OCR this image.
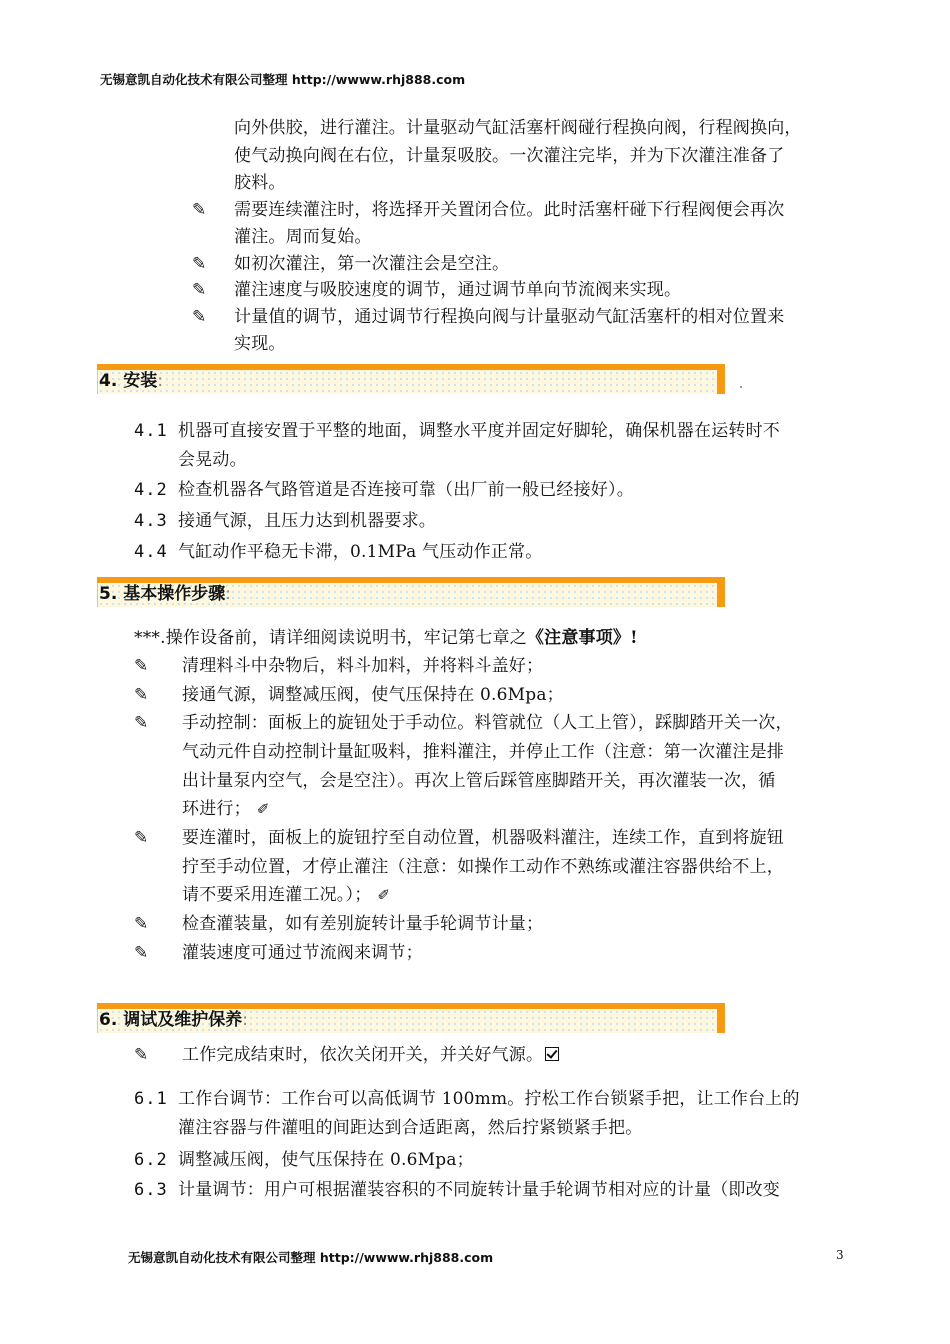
无锡意凯自动化技术有限公司整理 http://wwww.rhj888.com
向外供胶，进行灌注。计量驱动气缸活塞杆阀碰行程换向阀，行程阀换向，
使气动换向阀在右位，计量泵吸胶。一次灌注完毕，并为下次灌注准备了
胶料。
✎ 需要连续灌注时，将选择开关置闭合位。此时活塞杆碰下行程阀便会再次
灌注。周而复始。
✎ 如初次灌注，第一次灌注会是空注。
✎ 灌注速度与吸胶速度的调节，通过调节单向节流阀来实现。
✎ 计量值的调节，通过调节行程换向阀与计量驱动气缸活塞杆的相对位置来
实现。
4. 安装:
4.1 机器可直接安置于平整的地面，调整水平度并固定好脚轮，确保机器在运转时不
会晃动。
4.2 检查机器各气路管道是否连接可靠（出厂前一般已经接好）。
4.3 接通气源，且压力达到机器要求。
4.4 气缸动作平稳无卡滞，0.1MPa 气压动作正常。
5. 基本操作步骤:
***.操作设备前，请详细阅读说明书，牢记第七章之《注意事项》!
✎ 清理料斗中杂物后，料斗加料，并将料斗盖好；
✎ 接通气源，调整减压阀，使气压保持在 0.6Mpa；
✎ 手动控制：面板上的旋钮处于手动位。料管就位（人工上管），踩脚踏开关一次，
气动元件自动控制计量缸吸料，推料灌注，并停止工作（注意：第一次灌注是排
出计量泵内空气，会是空注）。再次上管后踩管座脚踏开关，再次灌装一次，循
环进行； ✐
✎ 要连灌时，面板上的旋钮拧至自动位置，机器吸料灌注，连续工作，直到将旋钮
拧至手动位置，才停止灌注（注意：如操作工动作不熟练或灌注容器供给不上，
请不要采用连灌工况。）； ✐
✎ 检查灌装量，如有差别旋转计量手轮调节计量；
✎ 灌装速度可通过节流阀来调节；
6. 调试及维护保养:
✎ 工作完成结束时，依次关闭开关，并关好气源。
6.1 工作台调节：工作台可以高低调节 100mm。拧松工作台锁紧手把，让工作台上的
灌注容器与件灌咀的间距达到合适距离，然后拧紧锁紧手把。
6.2 调整减压阀，使气压保持在 0.6Mpa；
6.3 计量调节：用户可根据灌装容积的不同旋转计量手轮调节相对应的计量（即改变
无锡意凯自动化技术有限公司整理 http://wwww.rhj888.com	3
